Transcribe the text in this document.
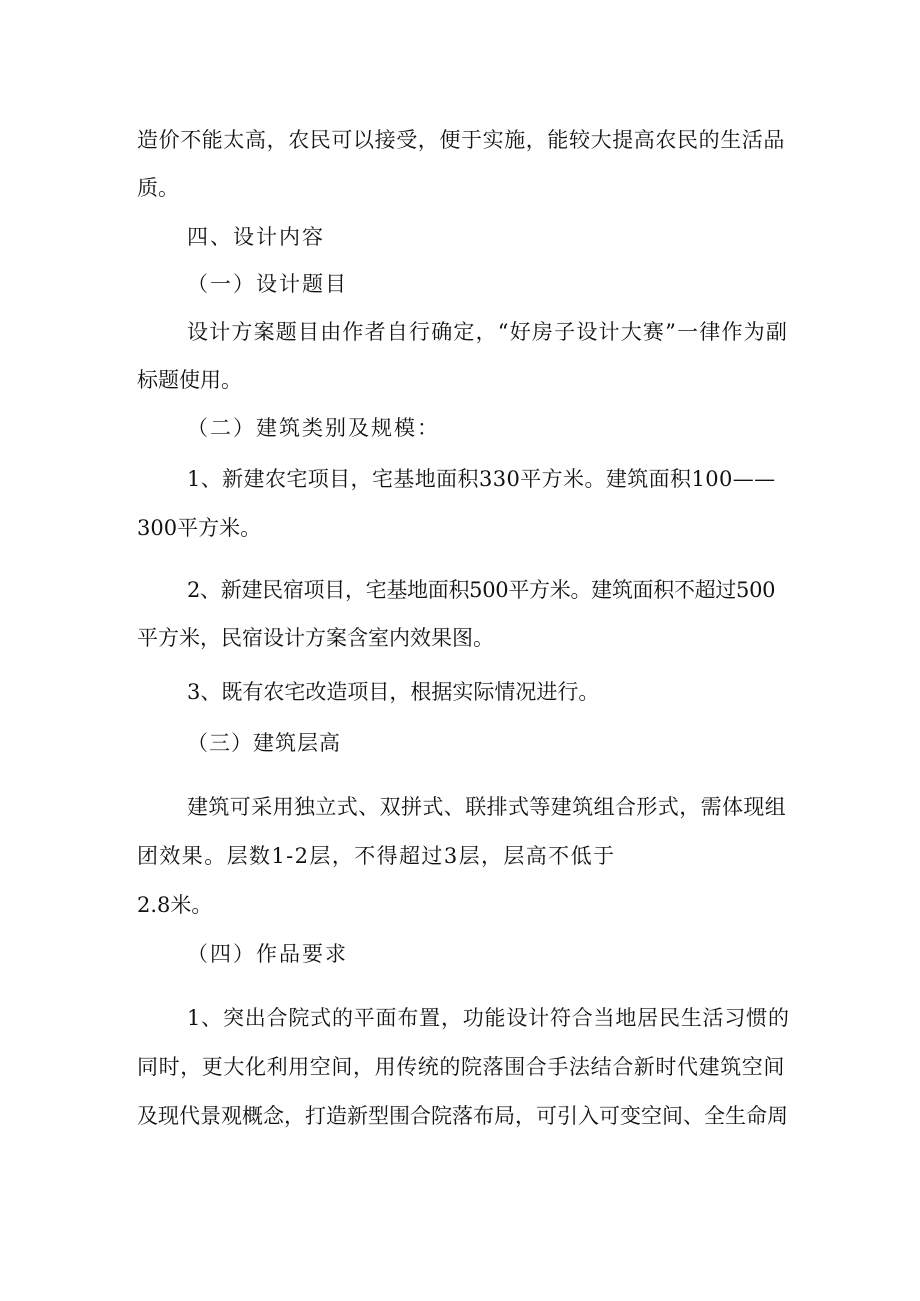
造价不能太高，农民可以接受，便于实施，能较大提高农民的生活品

质。

四、设计内容

（一）设计题目

设计方案题目由作者自行确定，“好房子设计大赛”一律作为副

标题使用。

（二）建筑类别及规模：

1、新建农宅项目，宅基地面积330平方米。建筑面积100——

300平方米。

2、新建民宿项目，宅基地面积500平方米。建筑面积不超过500

平方米，民宿设计方案含室内效果图。

3、既有农宅改造项目，根据实际情况进行。

（三）建筑层高

建筑可采用独立式、双拼式、联排式等建筑组合形式，需体现组

团效果。层数1-2层，不得超过3层，层高不低于

2.8米。

（四）作品要求

1、突出合院式的平面布置，功能设计符合当地居民生活习惯的

同时，更大化利用空间，用传统的院落围合手法结合新时代建筑空间

及现代景观概念，打造新型围合院落布局，可引入可变空间、全生命周
